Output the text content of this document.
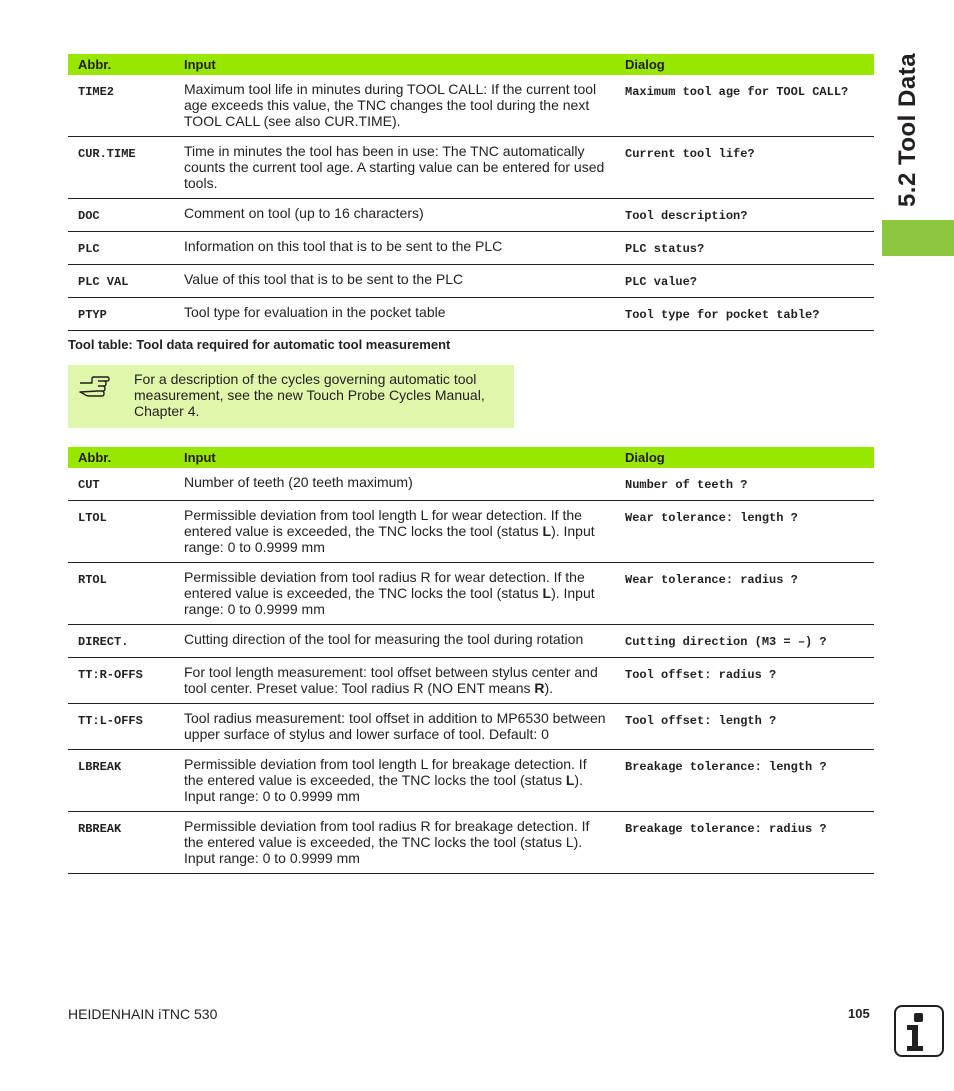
Abbr.	Input	Dialog
TIME2	Maximum tool life in minutes during TOOL CALL: If the current tool age exceeds this value, the TNC changes the tool during the next TOOL CALL (see also CUR.TIME).	Maximum tool age for TOOL CALL?
CUR.TIME	Time in minutes the tool has been in use: The TNC automatically counts the current tool age. A starting value can be entered for used tools.	Current tool life?
DOC	Comment on tool (up to 16 characters)	Tool description?
PLC	Information on this tool that is to be sent to the PLC	PLC status?
PLC VAL	Value of this tool that is to be sent to the PLC	PLC value?
PTYP	Tool type for evaluation in the pocket table	Tool type for pocket table?
Tool table: Tool data required for automatic tool measurement
For a description of the cycles governing automatic tool measurement, see the new Touch Probe Cycles Manual, Chapter 4.
Abbr.	Input	Dialog
CUT	Number of teeth (20 teeth maximum)	Number of teeth ?
LTOL	Permissible deviation from tool length L for wear detection. If the entered value is exceeded, the TNC locks the tool (status L). Input range: 0 to 0.9999 mm	Wear tolerance: length ?
RTOL	Permissible deviation from tool radius R for wear detection. If the entered value is exceeded, the TNC locks the tool (status L). Input range: 0 to 0.9999 mm	Wear tolerance: radius ?
DIRECT.	Cutting direction of the tool for measuring the tool during rotation	Cutting direction (M3 = –) ?
TT:R-OFFS	For tool length measurement: tool offset between stylus center and tool center. Preset value: Tool radius R (NO ENT means R).	Tool offset: radius ?
TT:L-OFFS	Tool radius measurement: tool offset in addition to MP6530 between upper surface of stylus and lower surface of tool. Default: 0	Tool offset: length ?
LBREAK	Permissible deviation from tool length L for breakage detection. If the entered value is exceeded, the TNC locks the tool (status L). Input range: 0 to 0.9999 mm	Breakage tolerance: length ?
RBREAK	Permissible deviation from tool radius R for breakage detection. If the entered value is exceeded, the TNC locks the tool (status L). Input range: 0 to 0.9999 mm	Breakage tolerance: radius ?
5.2 Tool Data
HEIDENHAIN iTNC 530	105
